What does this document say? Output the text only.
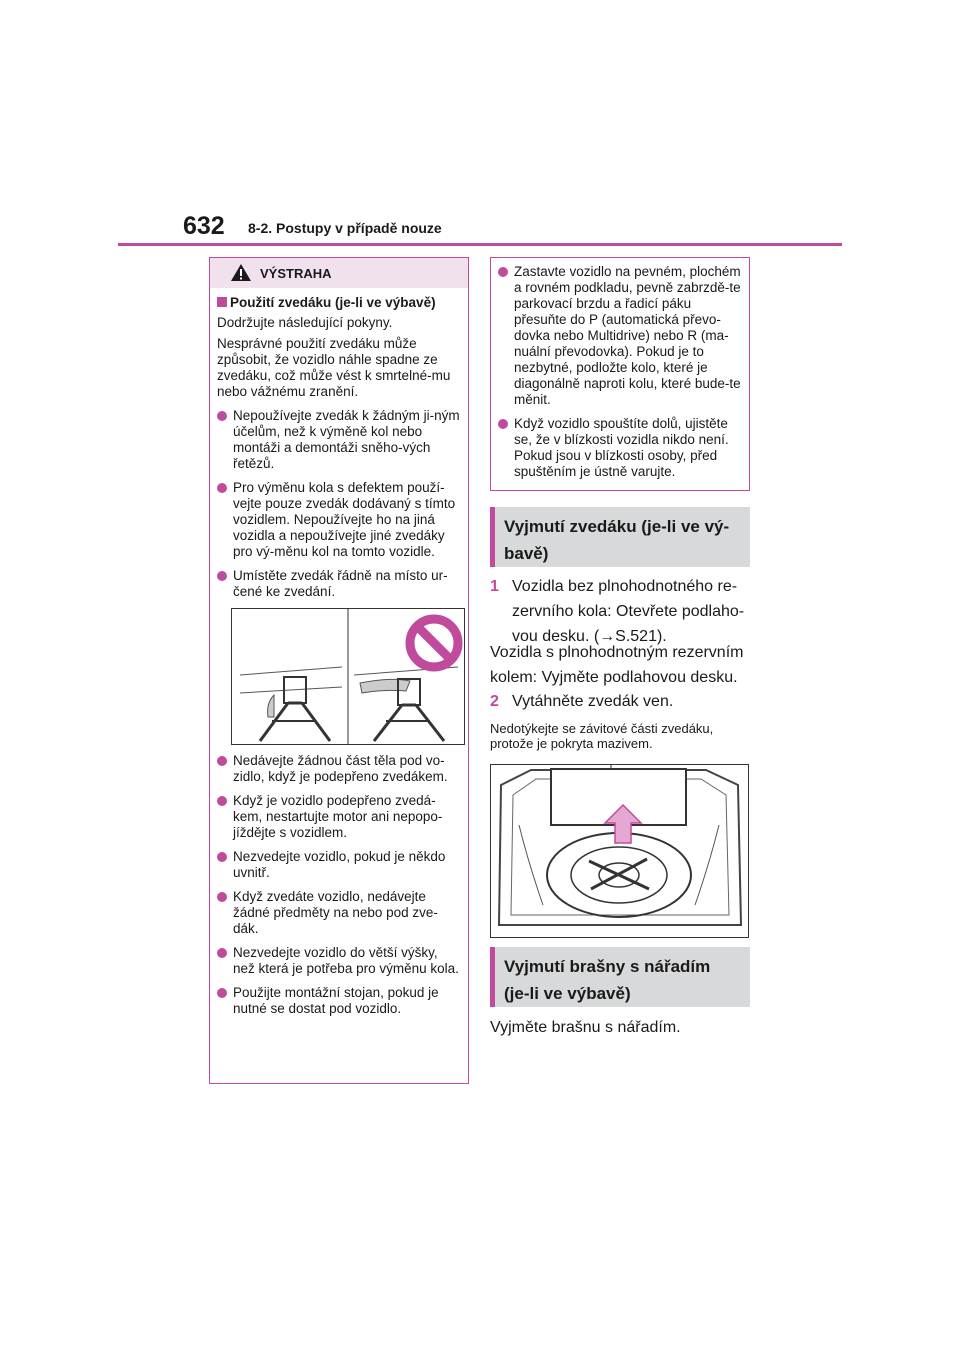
632 8-2. Postupy v případě nouze
VÝSTRAHA
Použití zvedáku (je-li ve výbavě)

Dodržujte následující pokyny.

Nesprávné použití zvedáku může způsobit, že vozidlo náhle spadne ze zvedáku, což může vést k smrtelné-mu nebo vážnému zranění.

Nepoužívejte zvedák k žádným ji-ným účelům, než k výměně kol nebo montáži a demontáži sněho-vých řetězů.
Pro výměnu kola s defektem použí-vejte pouze zvedák dodávaný s tímto vozidlem. Nepoužívejte ho na jiná vozidla a nepoužívejte jiné zvedáky pro vý-měnu kol na tomto vozidle.
Umístěte zvedák řádně na místo ur-čené ke zvedání.
Nedávejte žádnou část těla pod vo-zidlo, když je podepřeno zvedákem.
Když je vozidlo podepřeno zvedá-kem, nestartujte motor ani nepopo-jíždějte s vozidlem.
Nezvedejte vozidlo, pokud je někdo uvnitř.
Když zvedáte vozidlo, nedávejte žádné předměty na nebo pod zve-dák.
Nezvedejte vozidlo do větší výšky, než která je potřeba pro výměnu kola.
Použijte montážní stojan, pokud je nutné se dostat pod vozidlo.
Zastavte vozidlo na pevném, plochém a rovném podkladu, pevně zabrzdě-te parkovací brzdu a řadicí páku přesuňte do P (automatická převo-dovka nebo Multidrive) nebo R (ma-nuální převodovka). Pokud je to nezbytné, podložte kolo, které je diagonálně naproti kolu, které bude-te měnit.
Když vozidlo spouštíte dolů, ujistěte se, že v blízkosti vozidla nikdo není. Pokud jsou v blízkosti osoby, před spuštěním je ústně varujte.
Vyjmutí zvedáku (je-li ve vý-bavě)
1 Vozidla bez plnohodnotného re-zervního kola: Otevřete podlaho-vou desku. (→S.521).
Vozidla s plnohodnotným rezervním kolem: Vyjměte podlahovou desku.
2 Vytáhněte zvedák ven.
Nedotýkejte se závitové části zvedáku, protože je pokryta mazivem.
Vyjmutí brašny s nářadím (je-li ve výbavě)
Vyjměte brašnu s nářadím.
